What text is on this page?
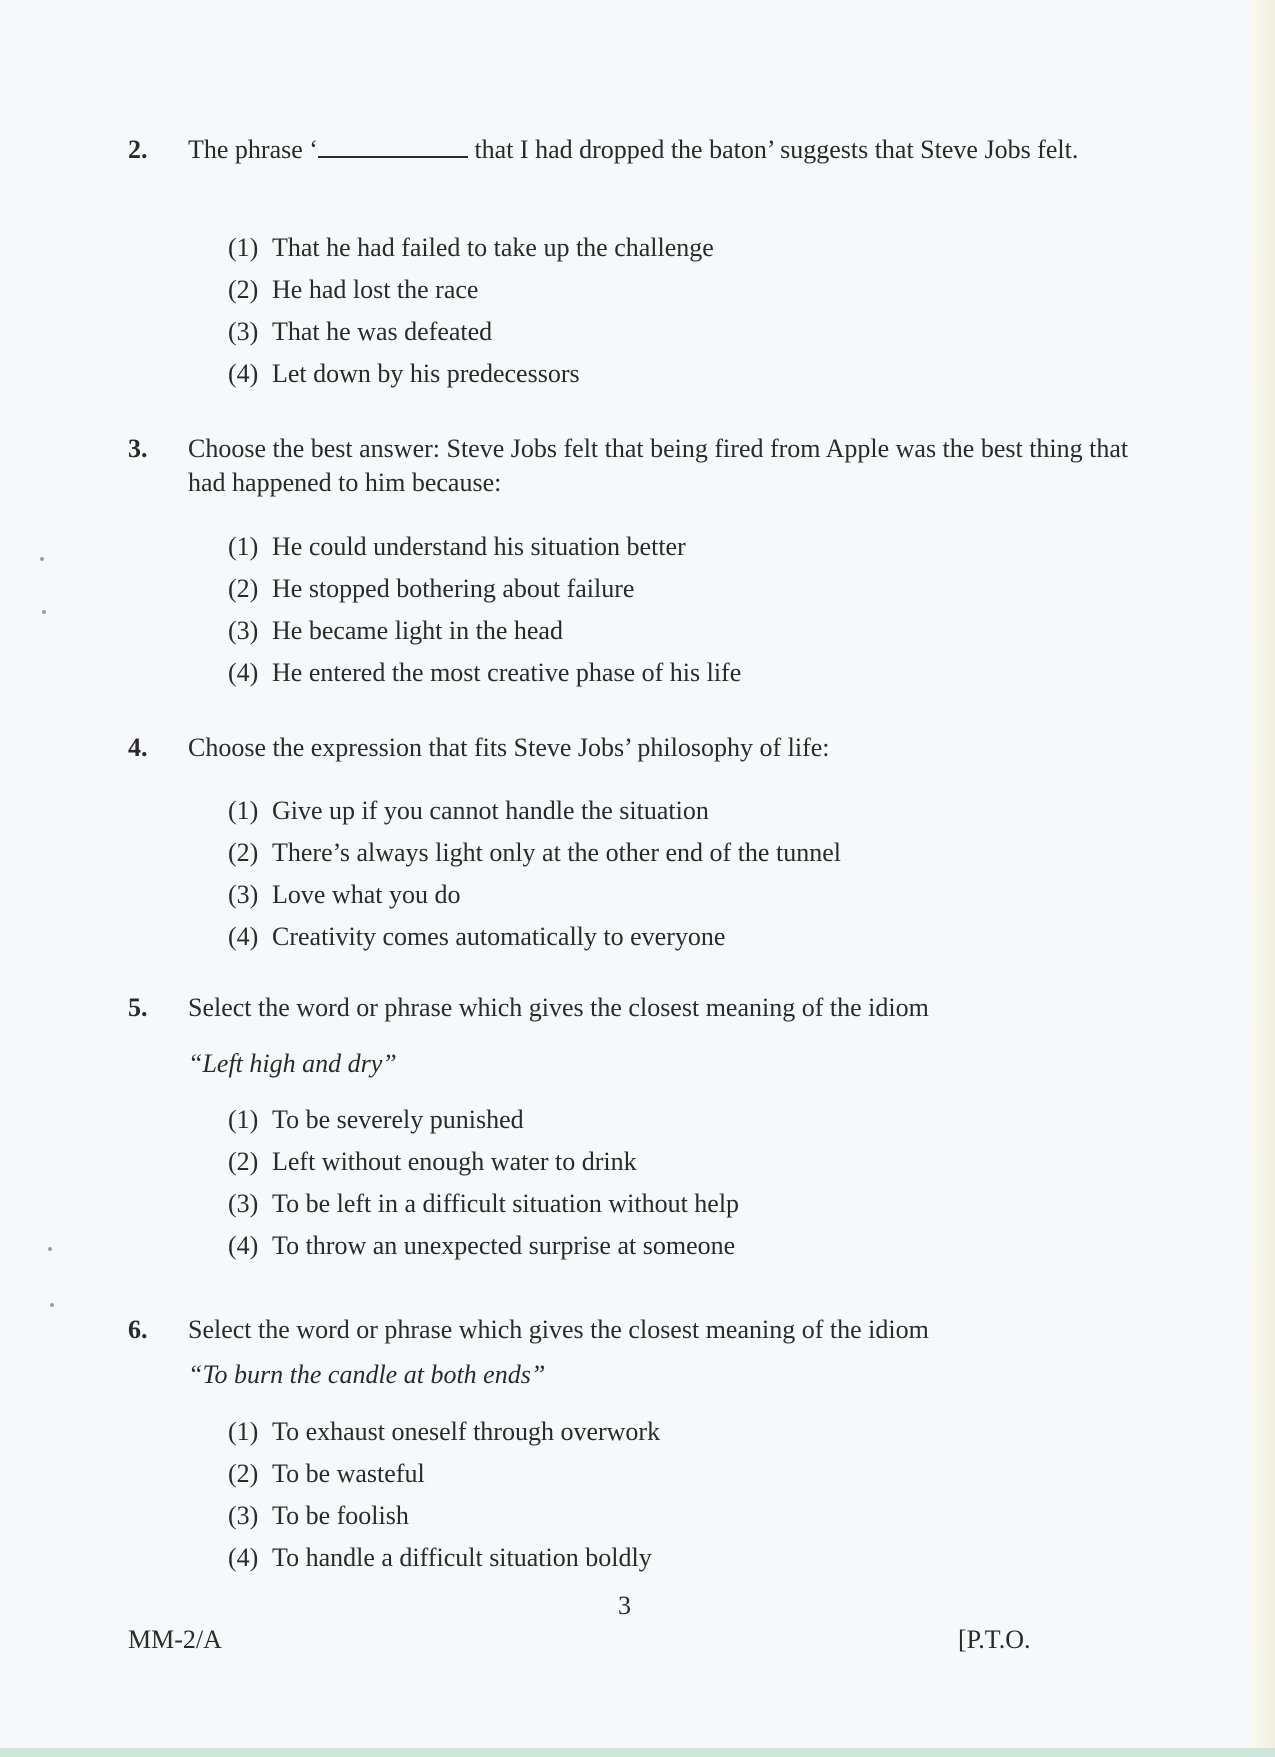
2. The phrase ‘	that I had dropped the baton’ suggests that Steve Jobs felt.
(1) That he had failed to take up the challenge
(2) He had lost the race
(3) That he was defeated
(4) Let down by his predecessors
3. Choose the best answer: Steve Jobs felt that being fired from Apple was the best thing that had happened to him because:
(1) He could understand his situation better
(2) He stopped bothering about failure
(3) He became light in the head
(4) He entered the most creative phase of his life
4. Choose the expression that fits Steve Jobs’ philosophy of life:
(1) Give up if you cannot handle the situation
(2) There’s always light only at the other end of the tunnel
(3) Love what you do
(4) Creativity comes automatically to everyone
5. Select the word or phrase which gives the closest meaning of the idiom
“Left high and dry”
(1) To be severely punished
(2) Left without enough water to drink
(3) To be left in a difficult situation without help
(4) To throw an unexpected surprise at someone
6. Select the word or phrase which gives the closest meaning of the idiom
“To burn the candle at both ends”
(1) To exhaust oneself through overwork
(2) To be wasteful
(3) To be foolish
(4) To handle a difficult situation boldly
3
MM-2/A	[P.T.O.
